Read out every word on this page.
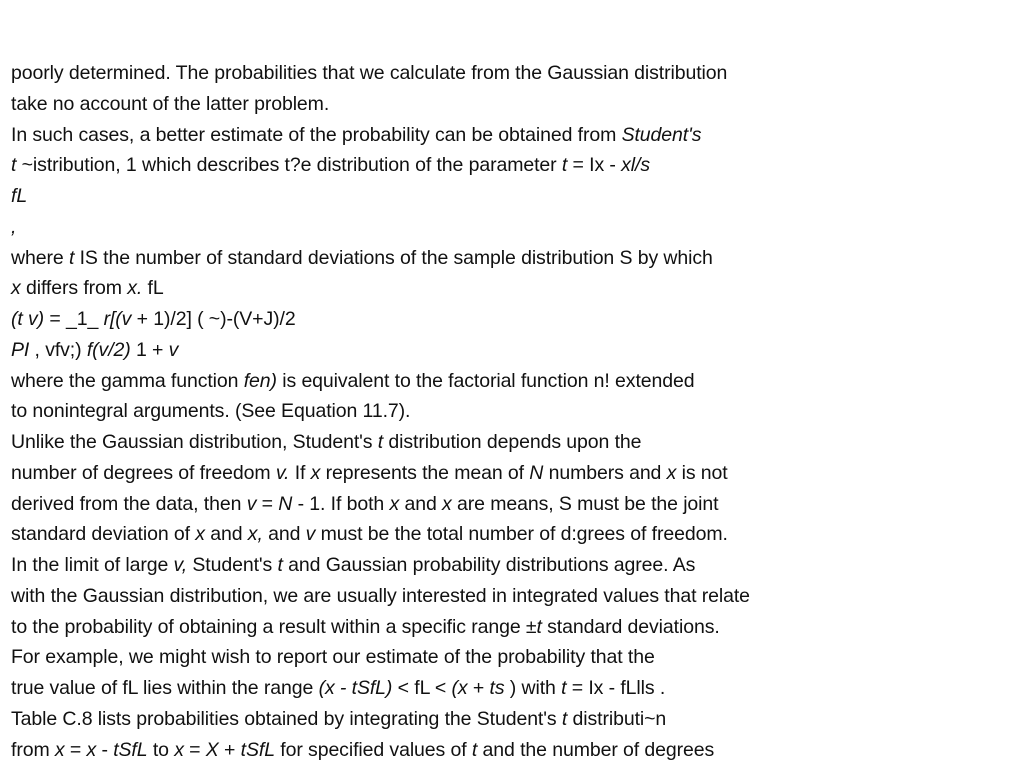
poorly determined. The probabilities that we calculate from the Gaussian distribution
take no account of the latter problem.
In such cases, a better estimate of the probability can be obtained from Student's
t ~istribution, 1 which describes t?e distribution of the parameter t = Ix - xl/s
fL
,
where t IS the number of standard deviations of the sample distribution S by which
x differs from x. fL
(t v) = _1_ r[(v + 1)/2] ( ~)-(V+J)/2
PI , vfv;) f(v/2) 1 + v
where the gamma function fen) is equivalent to the factorial function n! extended
to nonintegral arguments. (See Equation 11.7).
Unlike the Gaussian distribution, Student's t distribution depends upon the
number of degrees of freedom v. If x represents the mean of N numbers and x is not
derived from the data, then v = N - 1. If both x and x are means, S must be the joint
standard deviation of x and x, and v must be the total number of d:grees of freedom.
In the limit of large v, Student's t and Gaussian probability distributions agree. As
with the Gaussian distribution, we are usually interested in integrated values that relate
to the probability of obtaining a result within a specific range ±t standard deviations.
For example, we might wish to report our estimate of the probability that the
true value of fL lies within the range (x - tSfL) < fL < (x + ts ) with t = Ix - fLlls .
Table C.8 lists probabilities obtained by integrating the Student's t distributi~n
from x = x - tSfL to x = X + tSfL for specified values of t and the number of degrees
